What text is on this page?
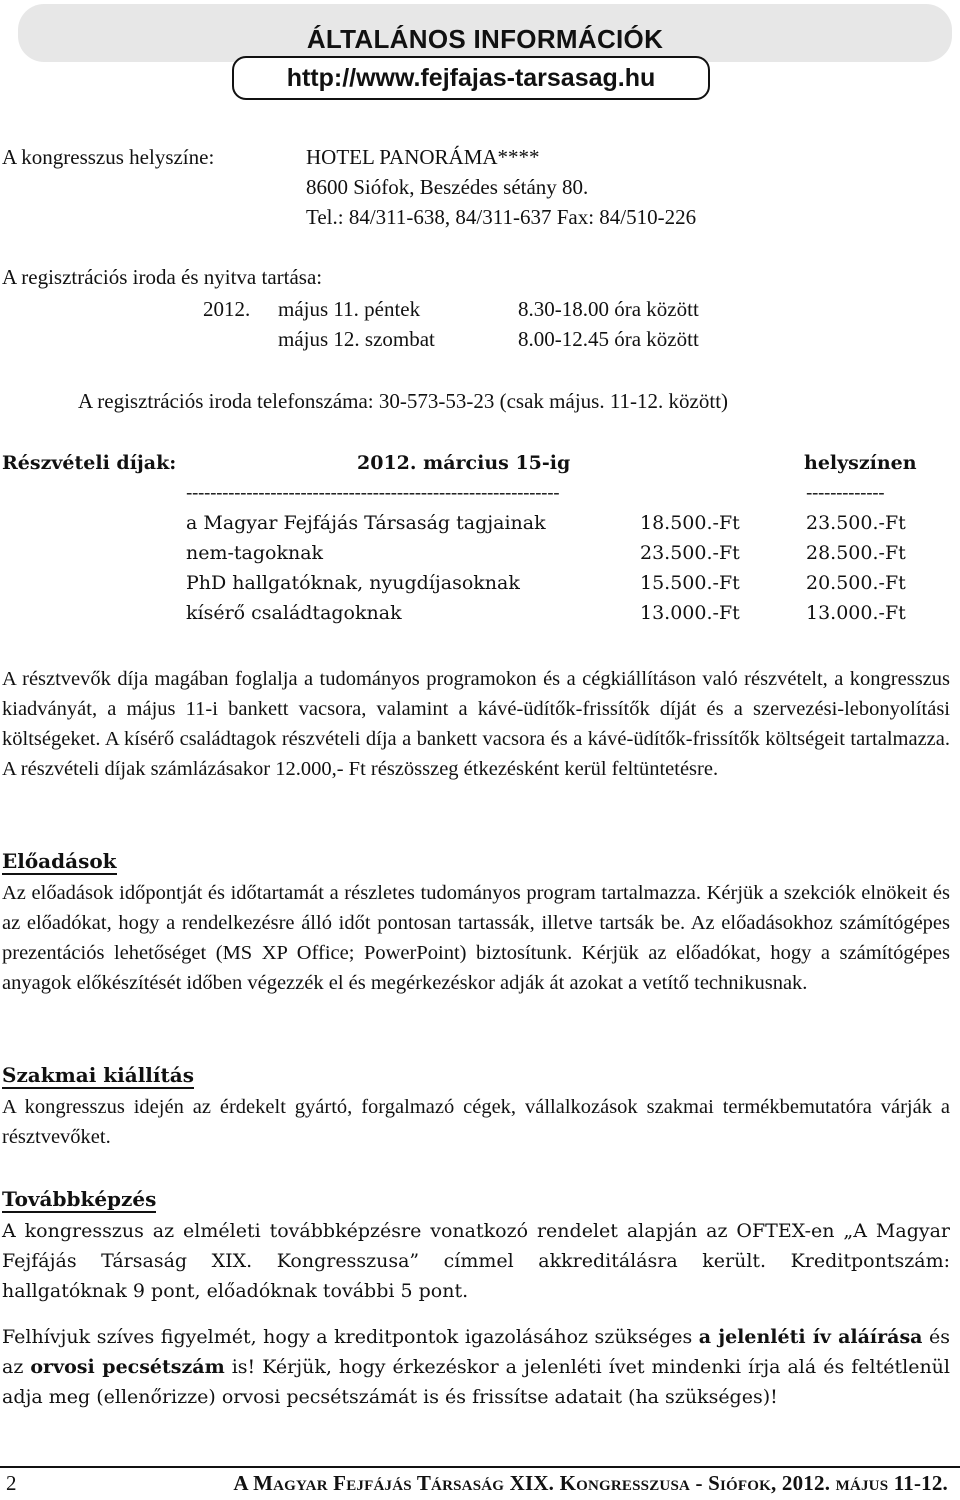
ÁLTALÁNOS INFORMÁCIÓK
http://www.fejfajas-tarsasag.hu
A kongresszus helyszíne:	HOTEL PANORÁMA****
8600 Siófok, Beszédes sétány 80.
Tel.: 84/311-638, 84/311-637 Fax: 84/510-226
A regisztrációs iroda és nyitva tartása:
2012. május 11. péntek	8.30-18.00 óra között
május 12. szombat	8.00-12.45 óra között
A regisztrációs iroda telefonszáma: 30-573-53-23 (csak május. 11-12. között)
Részvételi díjak:	2012. március 15-ig	helyszínen
--------------------------------------------------------------	-------------
a Magyar Fejfájás Társaság tagjainak	18.500.-Ft	23.500.-Ft
nem-tagoknak	23.500.-Ft	28.500.-Ft
PhD hallgatóknak, nyugdíjasoknak	15.500.-Ft	20.500.-Ft
kísérő családtagoknak	13.000.-Ft	13.000.-Ft
A résztvevők díja magában foglalja a tudományos programokon és a cégkiállításon való részvételt, a kongresszus kiadványát, a május 11-i bankett vacsora, valamint a kávé-üdítők-frissítők díját és a szervezési-lebonyolítási költségeket. A kísérő családtagok részvételi díja a bankett vacsora és a kávé-üdítők-frissítők költségeit tartalmazza. A részvételi díjak számlázásakor 12.000,- Ft részösszeg étkezésként kerül feltüntetésre.
Előadások
Az előadások időpontját és időtartamát a részletes tudományos program tartalmazza. Kérjük a szekciók elnökeit és az előadókat, hogy a rendelkezésre álló időt pontosan tartassák, illetve tartsák be. Az előadásokhoz számítógépes prezentációs lehetőséget (MS XP Office; PowerPoint) biztosítunk. Kérjük az előadókat, hogy a számítógépes anyagok előkészítését időben végezzék el és megérkezéskor adják át azokat a vetítő technikusnak.
Szakmai kiállítás
A kongresszus idején az érdekelt gyártó, forgalmazó cégek, vállalkozások szakmai termékbemutatóra várják a résztvevőket.
Továbbképzés
A kongresszus az elméleti továbbképzésre vonatkozó rendelet alapján az OFTEX-en „A Magyar Fejfájás Társaság XIX. Kongresszusa” címmel akkreditálásra került. Kreditpontszám: hallgatóknak 9 pont, előadóknak további 5 pont.
Felhívjuk szíves figyelmét, hogy a kreditpontok igazolásához szükséges a jelenléti ív aláírása és az orvosi pecsétszám is! Kérjük, hogy érkezéskor a jelenléti ívet mindenki írja alá és feltétlenül adja meg (ellenőrizze) orvosi pecsétszámát is és frissítse adatait (ha szükséges)!
2	A Magyar Fejfájás Társaság XIX. Kongresszusa - Siófok, 2012. május 11-12.
